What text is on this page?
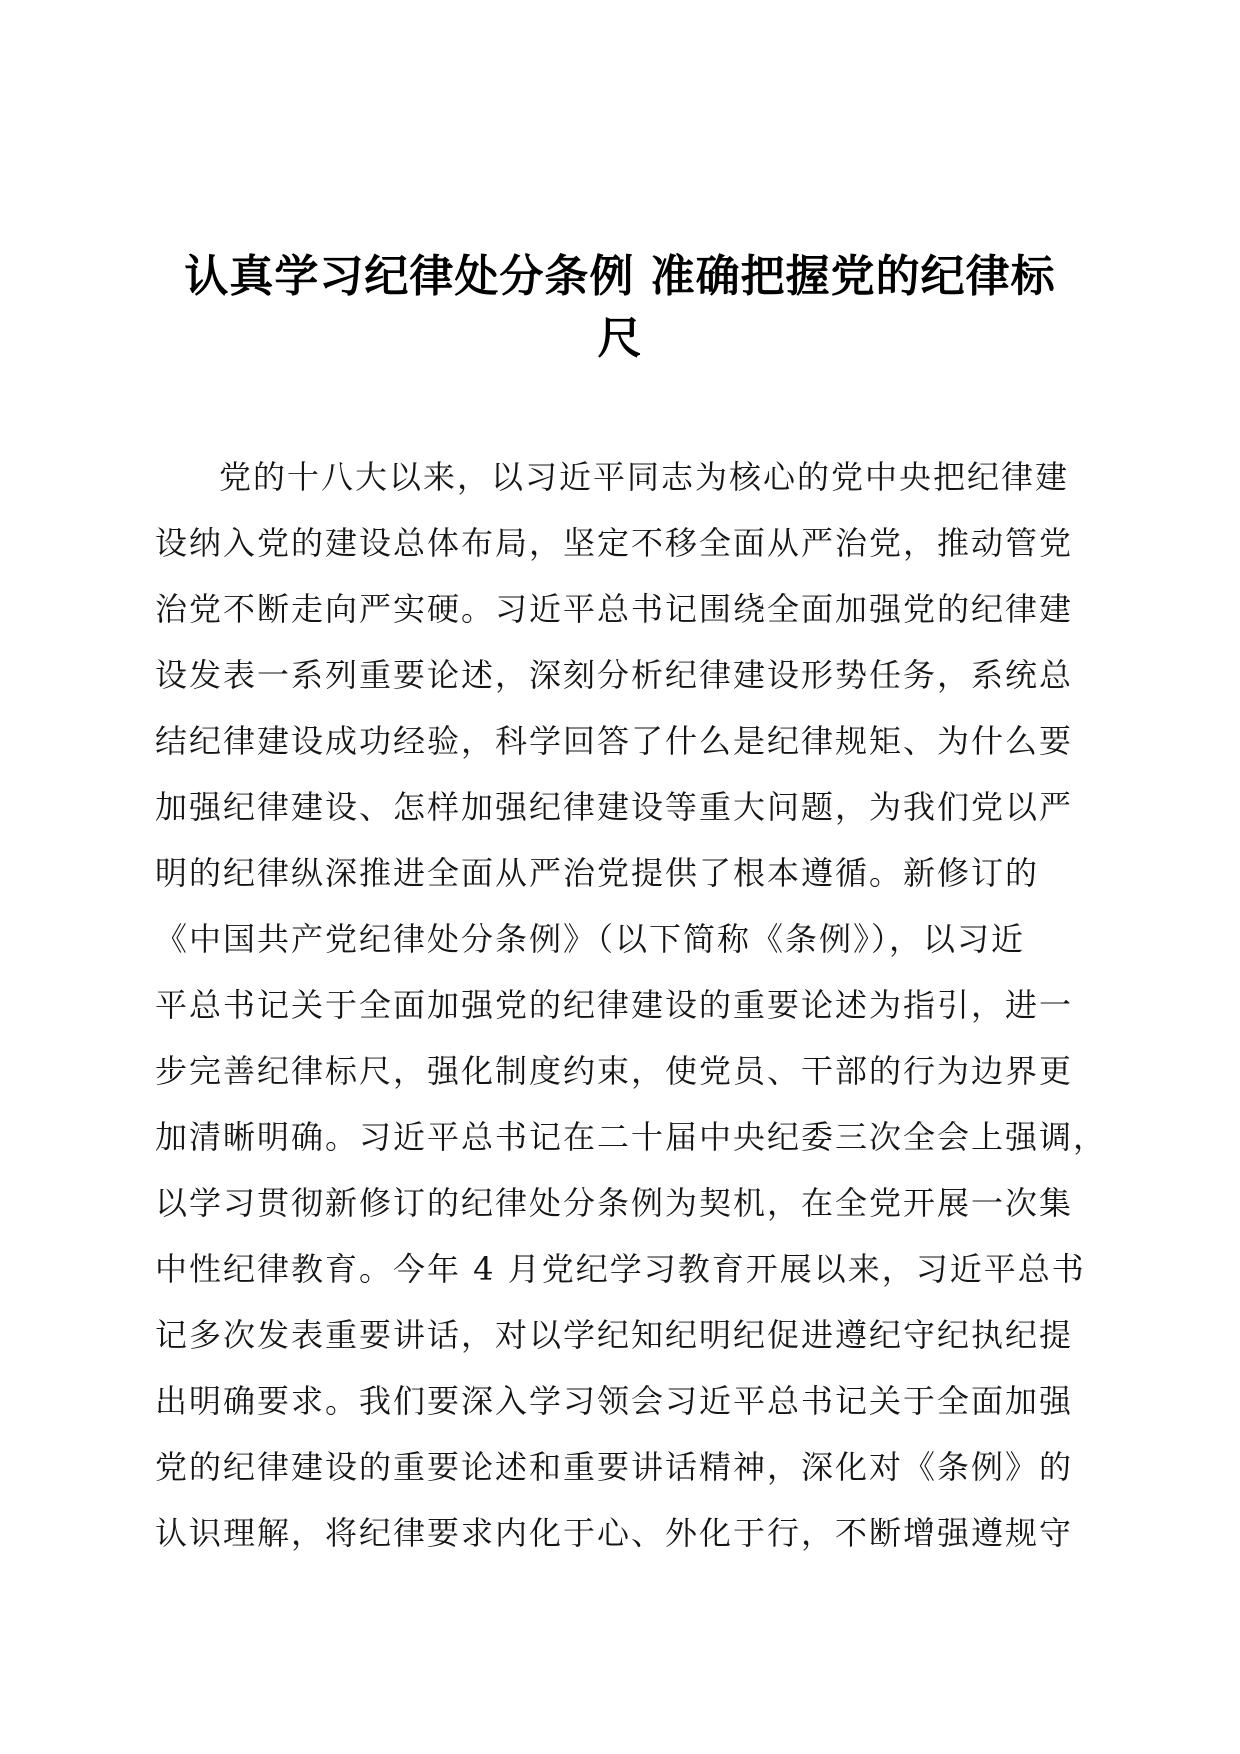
认真学习纪律处分条例 准确把握党的纪律标
尺
党的十八大以来，以习近平同志为核心的党中央把纪律建
设纳入党的建设总体布局，坚定不移全面从严治党，推动管党
治党不断走向严实硬。习近平总书记围绕全面加强党的纪律建
设发表一系列重要论述，深刻分析纪律建设形势任务，系统总
结纪律建设成功经验，科学回答了什么是纪律规矩、为什么要
加强纪律建设、怎样加强纪律建设等重大问题，为我们党以严
明的纪律纵深推进全面从严治党提供了根本遵循。新修订的
《中国共产党纪律处分条例》（以下简称《条例》），以习近
平总书记关于全面加强党的纪律建设的重要论述为指引，进一
步完善纪律标尺，强化制度约束，使党员、干部的行为边界更
加清晰明确。习近平总书记在二十届中央纪委三次全会上强调，
以学习贯彻新修订的纪律处分条例为契机，在全党开展一次集
中性纪律教育。今年 4 月党纪学习教育开展以来，习近平总书
记多次发表重要讲话，对以学纪知纪明纪促进遵纪守纪执纪提
出明确要求。我们要深入学习领会习近平总书记关于全面加强
党的纪律建设的重要论述和重要讲话精神，深化对《条例》的
认识理解，将纪律要求内化于心、外化于行，不断增强遵规守
